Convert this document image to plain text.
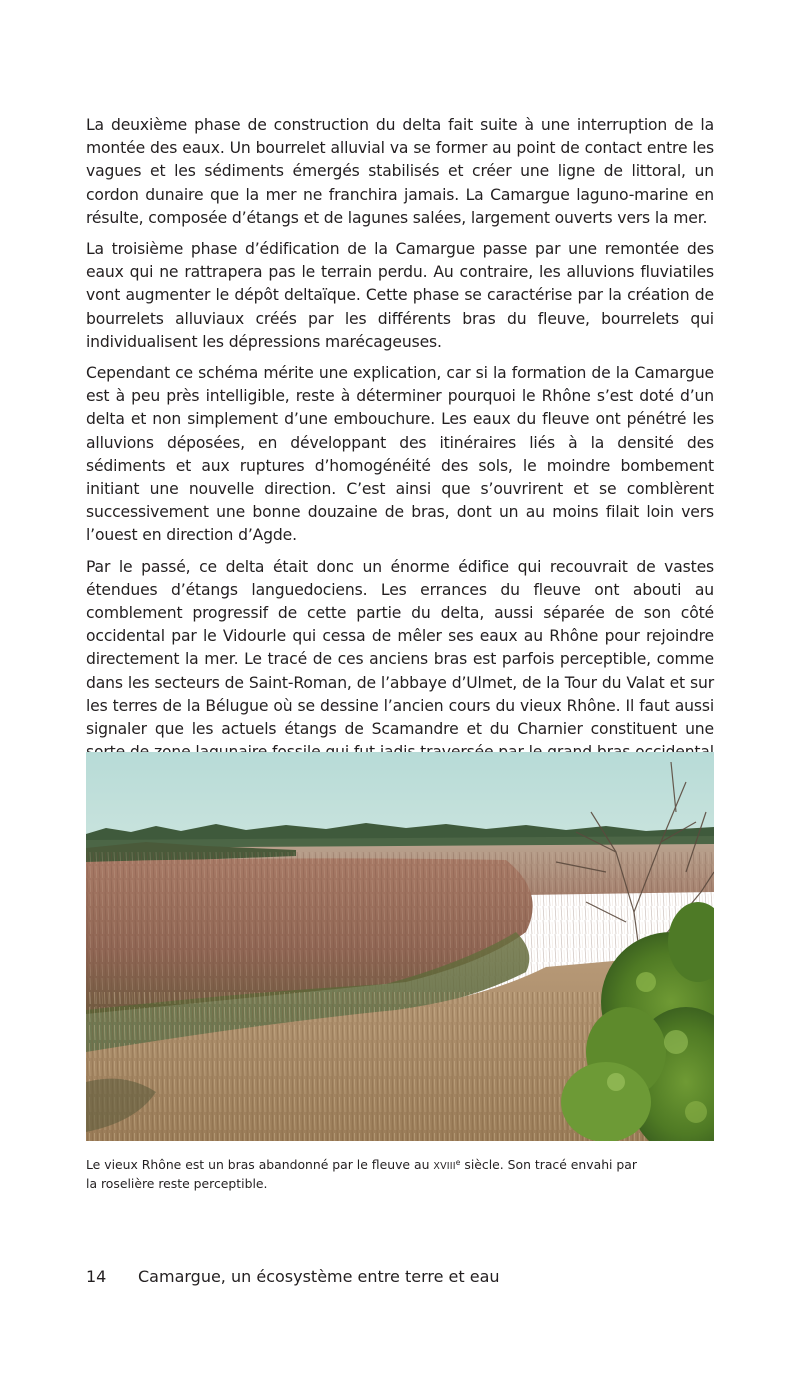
La deuxième phase de construction du delta fait suite à une interruption de la montée des eaux. Un bourrelet alluvial va se former au point de contact entre les vagues et les sédiments émergés stabilisés et créer une ligne de littoral, un cordon dunaire que la mer ne franchira jamais. La Camargue laguno-marine en résulte, composée d’étangs et de lagunes salées, largement ouverts vers la mer.

La troisième phase d’édification de la Camargue passe par une remontée des eaux qui ne rattrapera pas le terrain perdu. Au contraire, les alluvions fluviatiles vont augmenter le dépôt deltaïque. Cette phase se caractérise par la création de bourrelets alluviaux créés par les différents bras du fleuve, bourrelets qui individualisent les dépressions marécageuses.

Cependant ce schéma mérite une explication, car si la formation de la Camargue est à peu près intelligible, reste à déterminer pourquoi le Rhône s’est doté d’un delta et non simplement d’une embouchure. Les eaux du fleuve ont pénétré les alluvions déposées, en développant des itinéraires liés à la densité des sédiments et aux ruptures d’homogénéité des sols, le moindre bombement initiant une nouvelle direction. C’est ainsi que s’ouvrirent et se comblèrent successivement une bonne douzaine de bras, dont un au moins filait loin vers l’ouest en direction d’Agde.

Par le passé, ce delta était donc un énorme édifice qui recouvrait de vastes étendues d’étangs languedociens. Les errances du fleuve ont abouti au comblement progressif de cette partie du delta, aussi séparée de son côté occidental par le Vidourle qui cessa de mêler ses eaux au Rhône pour rejoindre directement la mer. Le tracé de ces anciens bras est parfois perceptible, comme dans les secteurs de Saint-Roman, de l’abbaye d’Ulmet, de la Tour du Valat et sur les terres de la Bélugue où se dessine l’ancien cours du vieux Rhône. Il faut aussi signaler que les actuels étangs de Scamandre et du Charnier constituent une

Le vieux Rhône est un bras abandonné par le fleuve au XVIIIe siècle. Son tracé envahi par la roselière reste perceptible.
14 Camargue, un écosystème entre terre et eau
